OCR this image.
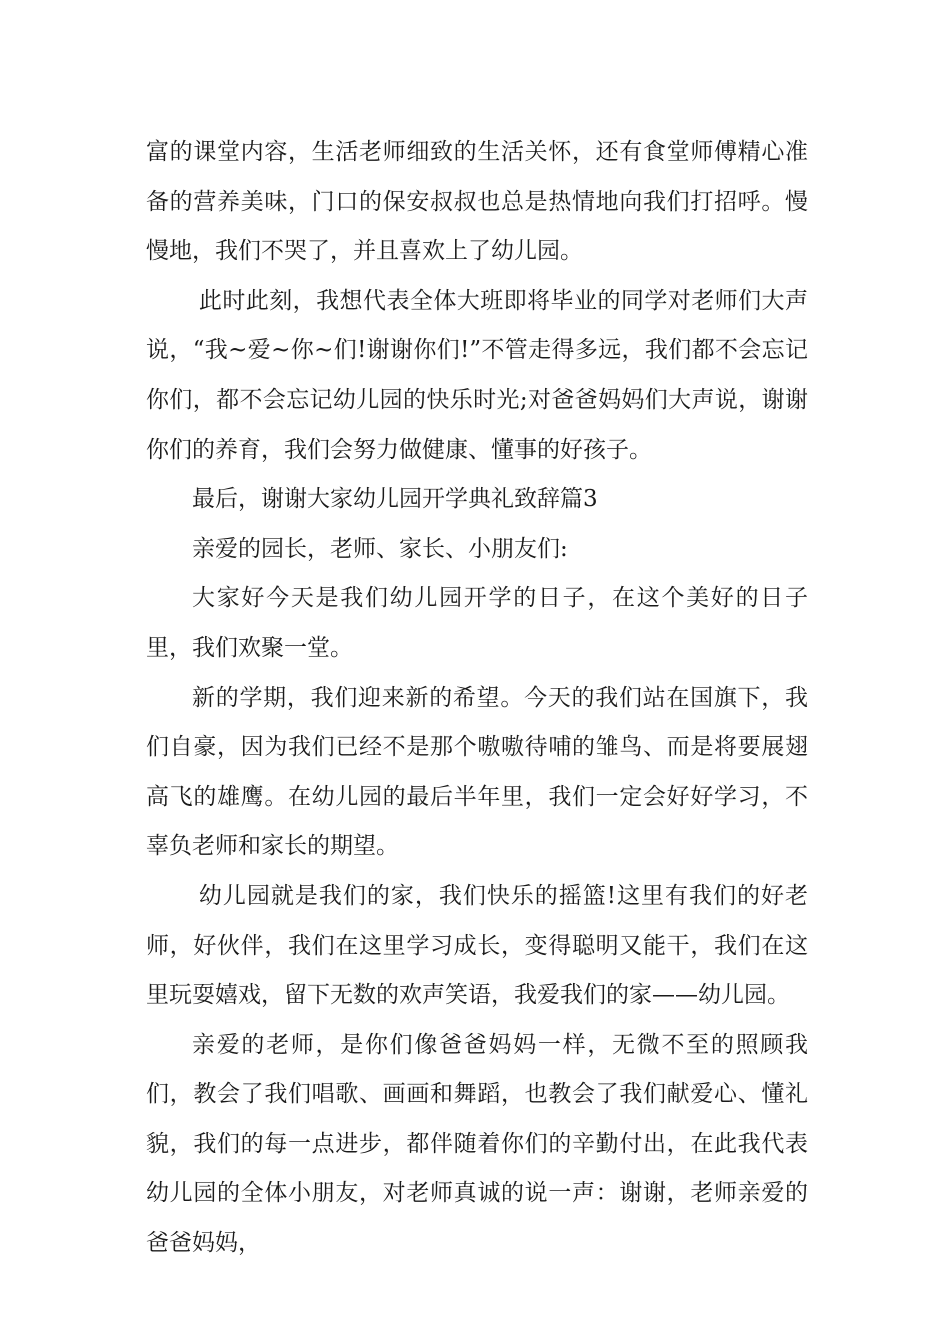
富的课堂内容，生活老师细致的生活关怀，还有食堂师傅精心准备的营养美味，门口的保安叔叔也总是热情地向我们打招呼。慢慢地，我们不哭了，并且喜欢上了幼儿园。

此时此刻，我想代表全体大班即将毕业的同学对老师们大声说，“我~爱~你~们!谢谢你们!”不管走得多远，我们都不会忘记你们，都不会忘记幼儿园的快乐时光;对爸爸妈妈们大声说，谢谢你们的养育，我们会努力做健康、懂事的好孩子。

最后，谢谢大家幼儿园开学典礼致辞篇3

亲爱的园长，老师、家长、小朋友们:

大家好今天是我们幼儿园开学的日子，在这个美好的日子里，我们欢聚一堂。

新的学期，我们迎来新的希望。今天的我们站在国旗下，我们自豪，因为我们已经不是那个嗷嗷待哺的雏鸟、而是将要展翅高飞的雄鹰。在幼儿园的最后半年里，我们一定会好好学习，不辜负老师和家长的期望。

幼儿园就是我们的家，我们快乐的摇篮!这里有我们的好老师，好伙伴，我们在这里学习成长，变得聪明又能干，我们在这里玩耍嬉戏，留下无数的欢声笑语，我爱我们的家——幼儿园。

亲爱的老师，是你们像爸爸妈妈一样，无微不至的照顾我们，教会了我们唱歌、画画和舞蹈，也教会了我们献爱心、懂礼貌，我们的每一点进步，都伴随着你们的辛勤付出，在此我代表幼儿园的全体小朋友，对老师真诚的说一声：谢谢，老师亲爱的爸爸妈妈，
